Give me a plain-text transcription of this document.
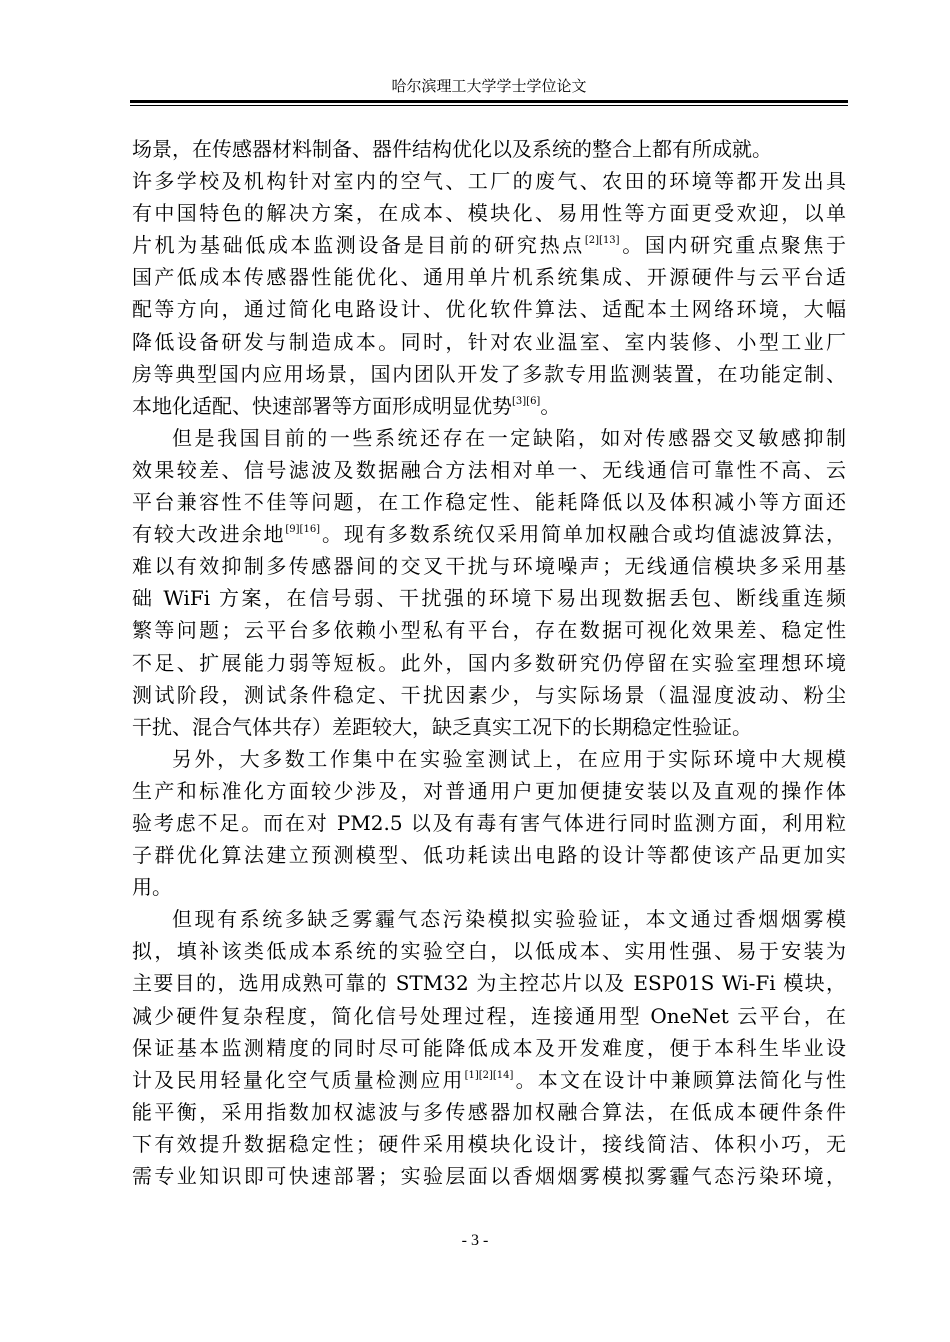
哈尔滨理工大学学士学位论文
场景，在传感器材料制备、器件结构优化以及系统的整合上都有所成就。
许多学校及机构针对室内的空气、工厂的废气、农田的环境等都开发出具
有中国特色的解决方案，在成本、模块化、易用性等方面更受欢迎，以单
片机为基础低成本监测设备是目前的研究热点[2][13]。国内研究重点聚焦于
国产低成本传感器性能优化、通用单片机系统集成、开源硬件与云平台适
配等方向，通过简化电路设计、优化软件算法、适配本土网络环境，大幅
降低设备研发与制造成本。同时，针对农业温室、室内装修、小型工业厂
房等典型国内应用场景，国内团队开发了多款专用监测装置，在功能定制、
本地化适配、快速部署等方面形成明显优势[3][6]。
但是我国目前的一些系统还存在一定缺陷，如对传感器交叉敏感抑制
效果较差、信号滤波及数据融合方法相对单一、无线通信可靠性不高、云
平台兼容性不佳等问题，在工作稳定性、能耗降低以及体积减小等方面还
有较大改进余地[9][16]。现有多数系统仅采用简单加权融合或均值滤波算法，
难以有效抑制多传感器间的交叉干扰与环境噪声；无线通信模块多采用基
础 WiFi 方案，在信号弱、干扰强的环境下易出现数据丢包、断线重连频
繁等问题；云平台多依赖小型私有平台，存在数据可视化效果差、稳定性
不足、扩展能力弱等短板。此外，国内多数研究仍停留在实验室理想环境
测试阶段，测试条件稳定、干扰因素少，与实际场景（温湿度波动、粉尘
干扰、混合气体共存）差距较大，缺乏真实工况下的长期稳定性验证。
另外，大多数工作集中在实验室测试上，在应用于实际环境中大规模
生产和标准化方面较少涉及，对普通用户更加便捷安装以及直观的操作体
验考虑不足。而在对 PM2.5 以及有毒有害气体进行同时监测方面，利用粒
子群优化算法建立预测模型、低功耗读出电路的设计等都使该产品更加实
用。
但现有系统多缺乏雾霾气态污染模拟实验验证，本文通过香烟烟雾模
拟，填补该类低成本系统的实验空白，以低成本、实用性强、易于安装为
主要目的，选用成熟可靠的 STM32 为主控芯片以及 ESP01S Wi-Fi 模块，
减少硬件复杂程度，简化信号处理过程，连接通用型 OneNet 云平台，在
保证基本监测精度的同时尽可能降低成本及开发难度，便于本科生毕业设
计及民用轻量化空气质量检测应用[1][2][14]。本文在设计中兼顾算法简化与性
能平衡，采用指数加权滤波与多传感器加权融合算法，在低成本硬件条件
下有效提升数据稳定性；硬件采用模块化设计，接线简洁、体积小巧，无
需专业知识即可快速部署；实验层面以香烟烟雾模拟雾霾气态污染环境，
- 3 -
